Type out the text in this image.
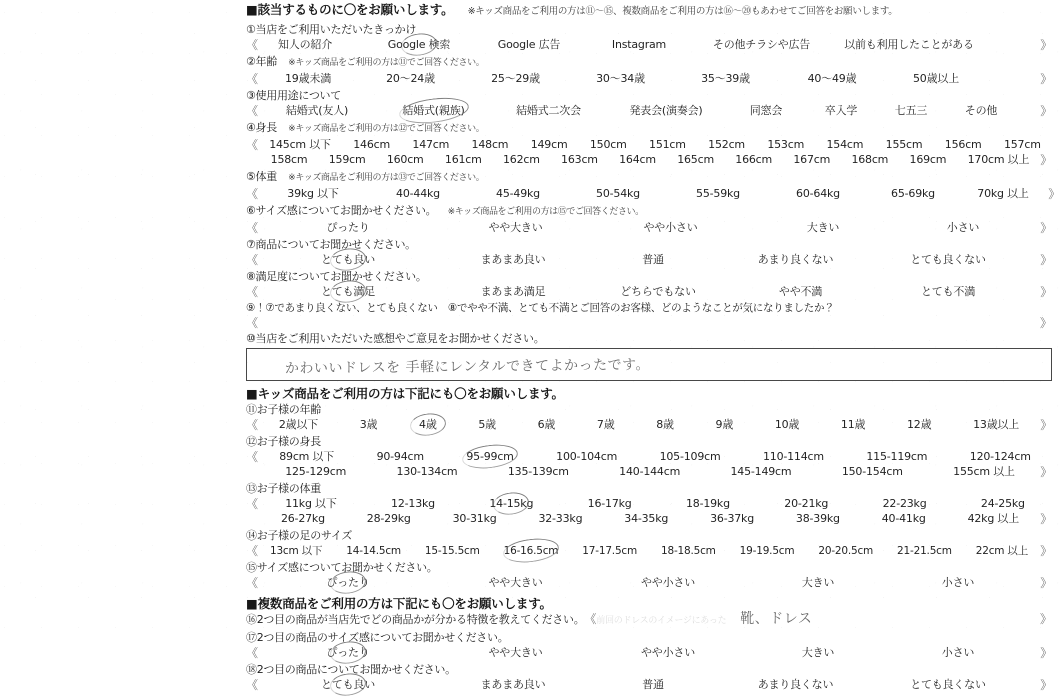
■該当するものに〇をお願いします。 ※キッズ商品をご利用の方は⑪〜⑮、複数商品をご利用の方は⑯〜⑳もあわせてご回答をお願いします。
①当店をご利用いただいたきっかけ
《	知人の紹介	Google 検索	Google 広告	Instagram	その他チラシや広告	以前も利用したことがある	》
②年齢 ※キッズ商品をご利用の方は⑪でご回答ください。
《	19歳未満	20〜24歳	25〜29歳	30〜34歳	35〜39歳	40〜49歳	50歳以上	》
③使用用途について
《	結婚式(友人)	結婚式(親族)	結婚式二次会	発表会(演奏会)	同窓会	卒入学	七五三	その他	》
④身長 ※キッズ商品をご利用の方は⑫でご回答ください。
《	145cm 以下	146cm	147cm	148cm	149cm	150cm	151cm	152cm	153cm	154cm	155cm	156cm	157cm
158cm	159cm	160cm	161cm	162cm	163cm	164cm	165cm	166cm	167cm	168cm	169cm	170cm 以上 》
⑤体重 ※キッズ商品をご利用の方は⑬でご回答ください。
《	39kg 以下	40-44kg	45-49kg	50-54kg	55-59kg	60-64kg	65-69kg	70kg 以上	》
⑥サイズ感についてお聞かせください。 ※キッズ商品をご利用の方は⑮でご回答ください。
《	ぴったり	やや大きい	やや小さい	大きい	小さい	》
⑦商品についてお聞かせください。
《	とても良い	まあまあ良い	普通	あまり良くない	とても良くない	》
⑧満足度についてお聞かせください。
《	とても満足	まあまあ満足	どちらでもない	やや不満	とても不満	》
⑨！⑦であまり良くない、とても良くない　⑧でやや不満、とても不満とご回答のお客様、どのようなことが気になりましたか？
《	》
⑩当店をご利用いただいた感想やご意見をお聞かせください。
かわいいドレスを 手軽にレンタルできてよかったです。
■キッズ商品をご利用の方は下記にも〇をお願いします。
⑪お子様の年齢
《	2歳以下	3歳	4歳	5歳	6歳	7歳	8歳	9歳	10歳	11歳	12歳	13歳以上	》
⑫お子様の身長
《	89cm 以下	90-94cm	95-99cm	100-104cm	105-109cm	110-114cm	115-119cm	120-124cm
125-129cm	130-134cm	135-139cm	140-144cm	145-149cm	150-154cm	155cm 以上	》
⑬お子様の体重
《	11kg 以下	12-13kg	14-15kg	16-17kg	18-19kg	20-21kg	22-23kg	24-25kg
26-27kg	28-29kg	30-31kg	32-33kg	34-35kg	36-37kg	38-39kg	40-41kg	42kg 以上	》
⑭お子様の足のサイズ
《	13cm 以下	14-14.5cm	15-15.5cm	16-16.5cm	17-17.5cm	18-18.5cm	19-19.5cm	20-20.5cm	21-21.5cm	22cm 以上	》
⑮サイズ感についてお聞かせください。
《	ぴったり	やや大きい	やや小さい	大きい	小さい	》
■複数商品をご利用の方は下記にも〇をお願いします。
⑯2つ目の商品が当店先でどの商品かが分かる特徴を教えてください。《前回のドレスのイメージにあった 靴、ドレス	》
⑰2つ目の商品のサイズ感についてお聞かせください。
《	ぴったり	やや大きい	やや小さい	大きい	小さい	》
⑱2つ目の商品についてお聞かせください。
《	とても良い	まあまあ良い	普通	あまり良くない	とても良くない	》
